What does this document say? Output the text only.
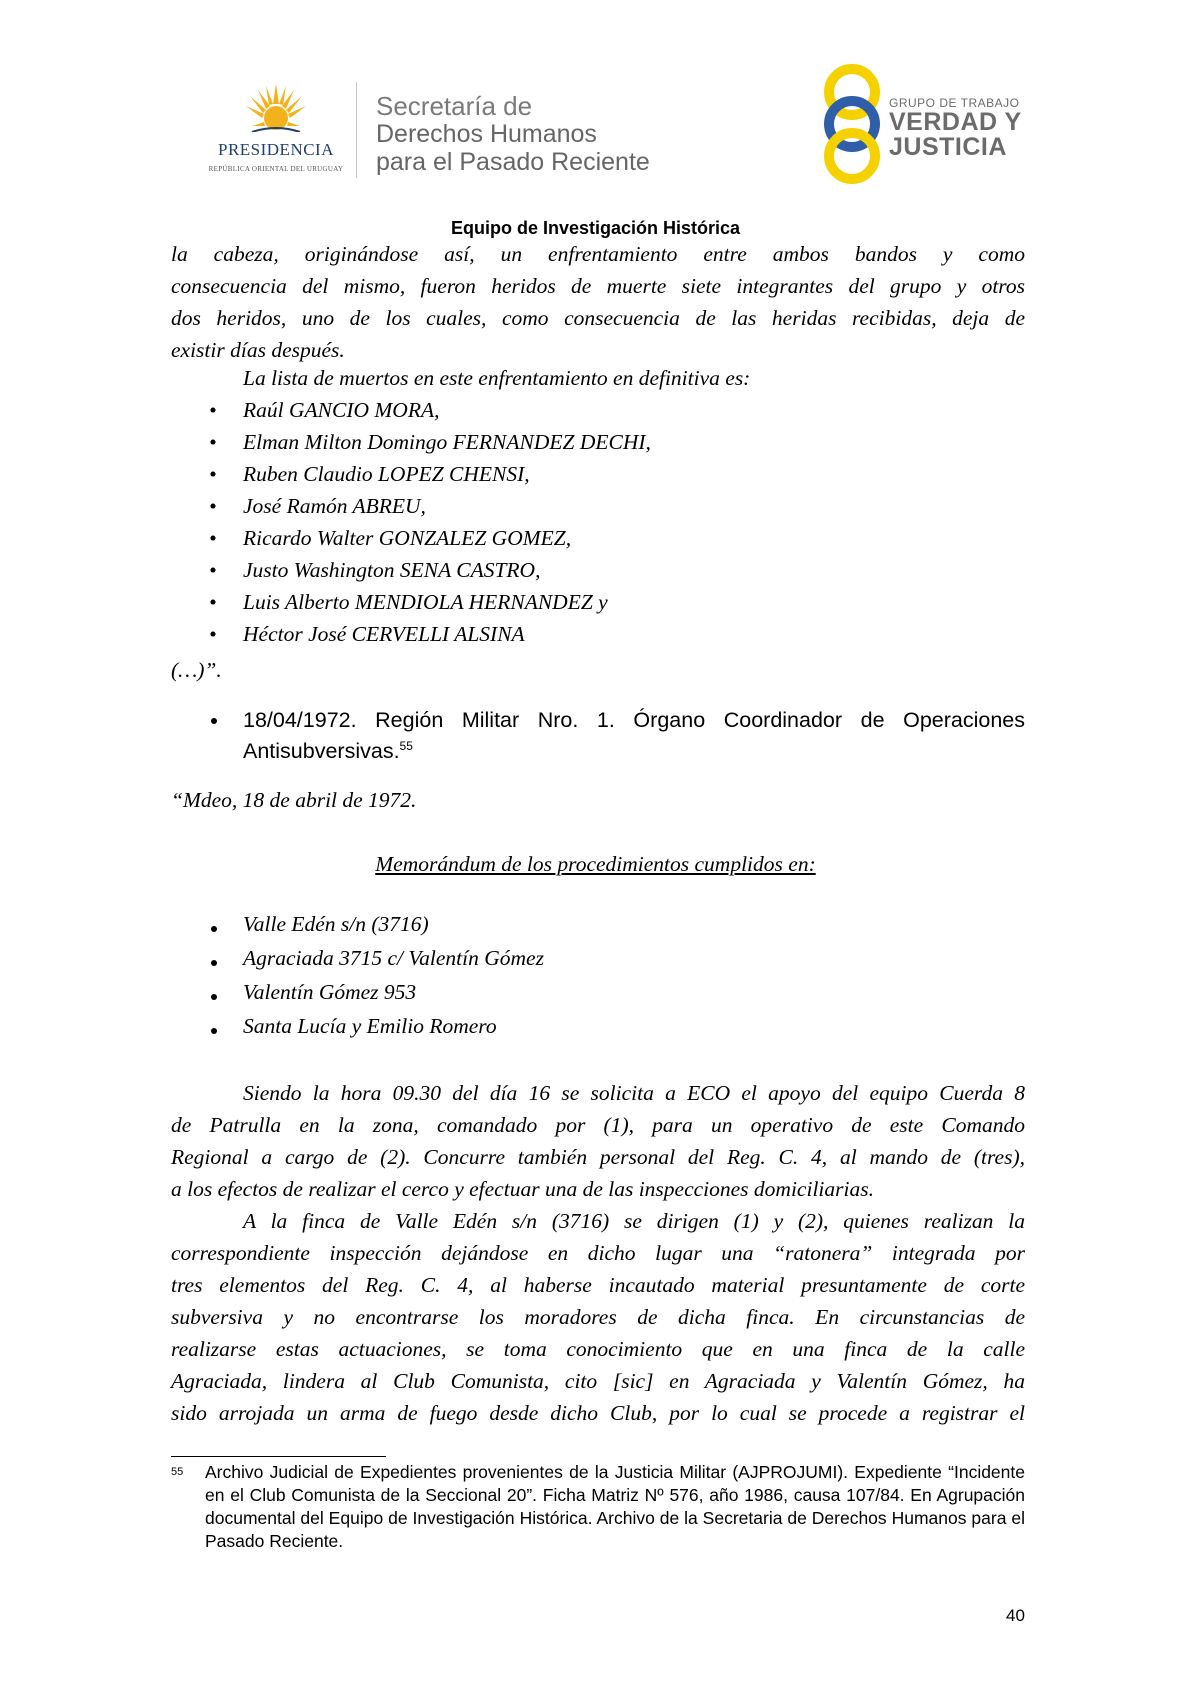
PRESIDENCIA
REPÚBLICA ORIENTAL DEL URUGUAY
Secretaría de
Derechos Humanos
para el Pasado Reciente
GRUPO DE TRABAJO
VERDAD Y
JUSTICIA
Equipo de Investigación Histórica
la cabeza, originándose así, un enfrentamiento entre ambos bandos y como
consecuencia del mismo, fueron heridos de muerte siete integrantes del grupo y otros
dos heridos, uno de los cuales, como consecuencia de las heridas recibidas, deja de
existir días después.
La lista de muertos en este enfrentamiento en definitiva es:
• Raúl GANCIO MORA,
• Elman Milton Domingo FERNANDEZ DECHI,
• Ruben Claudio LOPEZ CHENSI,
• José Ramón ABREU,
• Ricardo Walter GONZALEZ GOMEZ,
• Justo Washington SENA CASTRO,
• Luis Alberto MENDIOLA HERNANDEZ y
• Héctor José CERVELLI ALSINA
(…)”.
18/04/1972. Región Militar Nro. 1. Órgano Coordinador de Operaciones
Antisubversivas.$^{55}$
“Mdeo, 18 de abril de 1972.
Memorándum de los procedimientos cumplidos en:
Valle Edén s/n (3716)
Agraciada 3715 c/ Valentín Gómez
Valentín Gómez 953
Santa Lucía y Emilio Romero
Siendo la hora 09.30 del día 16 se solicita a ECO el apoyo del equipo Cuerda 8
de Patrulla en la zona, comandado por (1), para un operativo de este Comando
Regional a cargo de (2). Concurre también personal del Reg. C. 4, al mando de (tres),
a los efectos de realizar el cerco y efectuar una de las inspecciones domiciliarias.
A la finca de Valle Edén s/n (3716) se dirigen (1) y (2), quienes realizan la
correspondiente inspección dejándose en dicho lugar una “ratonera” integrada por
tres elementos del Reg. C. 4, al haberse incautado material presuntamente de corte
subversiva y no encontrarse los moradores de dicha finca. En circunstancias de
realizarse estas actuaciones, se toma conocimiento que en una finca de la calle
Agraciada, lindera al Club Comunista, cito [sic] en Agraciada y Valentín Gómez, ha
sido arrojada un arma de fuego desde dicho Club, por lo cual se procede a registrar el
55 Archivo Judicial de Expedientes provenientes de la Justicia Militar (AJPROJUMI). Expediente “Incidente en el Club Comunista de la Seccional 20”. Ficha Matriz Nº 576, año 1986, causa 107/84. En Agrupación documental del Equipo de Investigación Histórica. Archivo de la Secretaria de Derechos Humanos para el Pasado Reciente.
40
